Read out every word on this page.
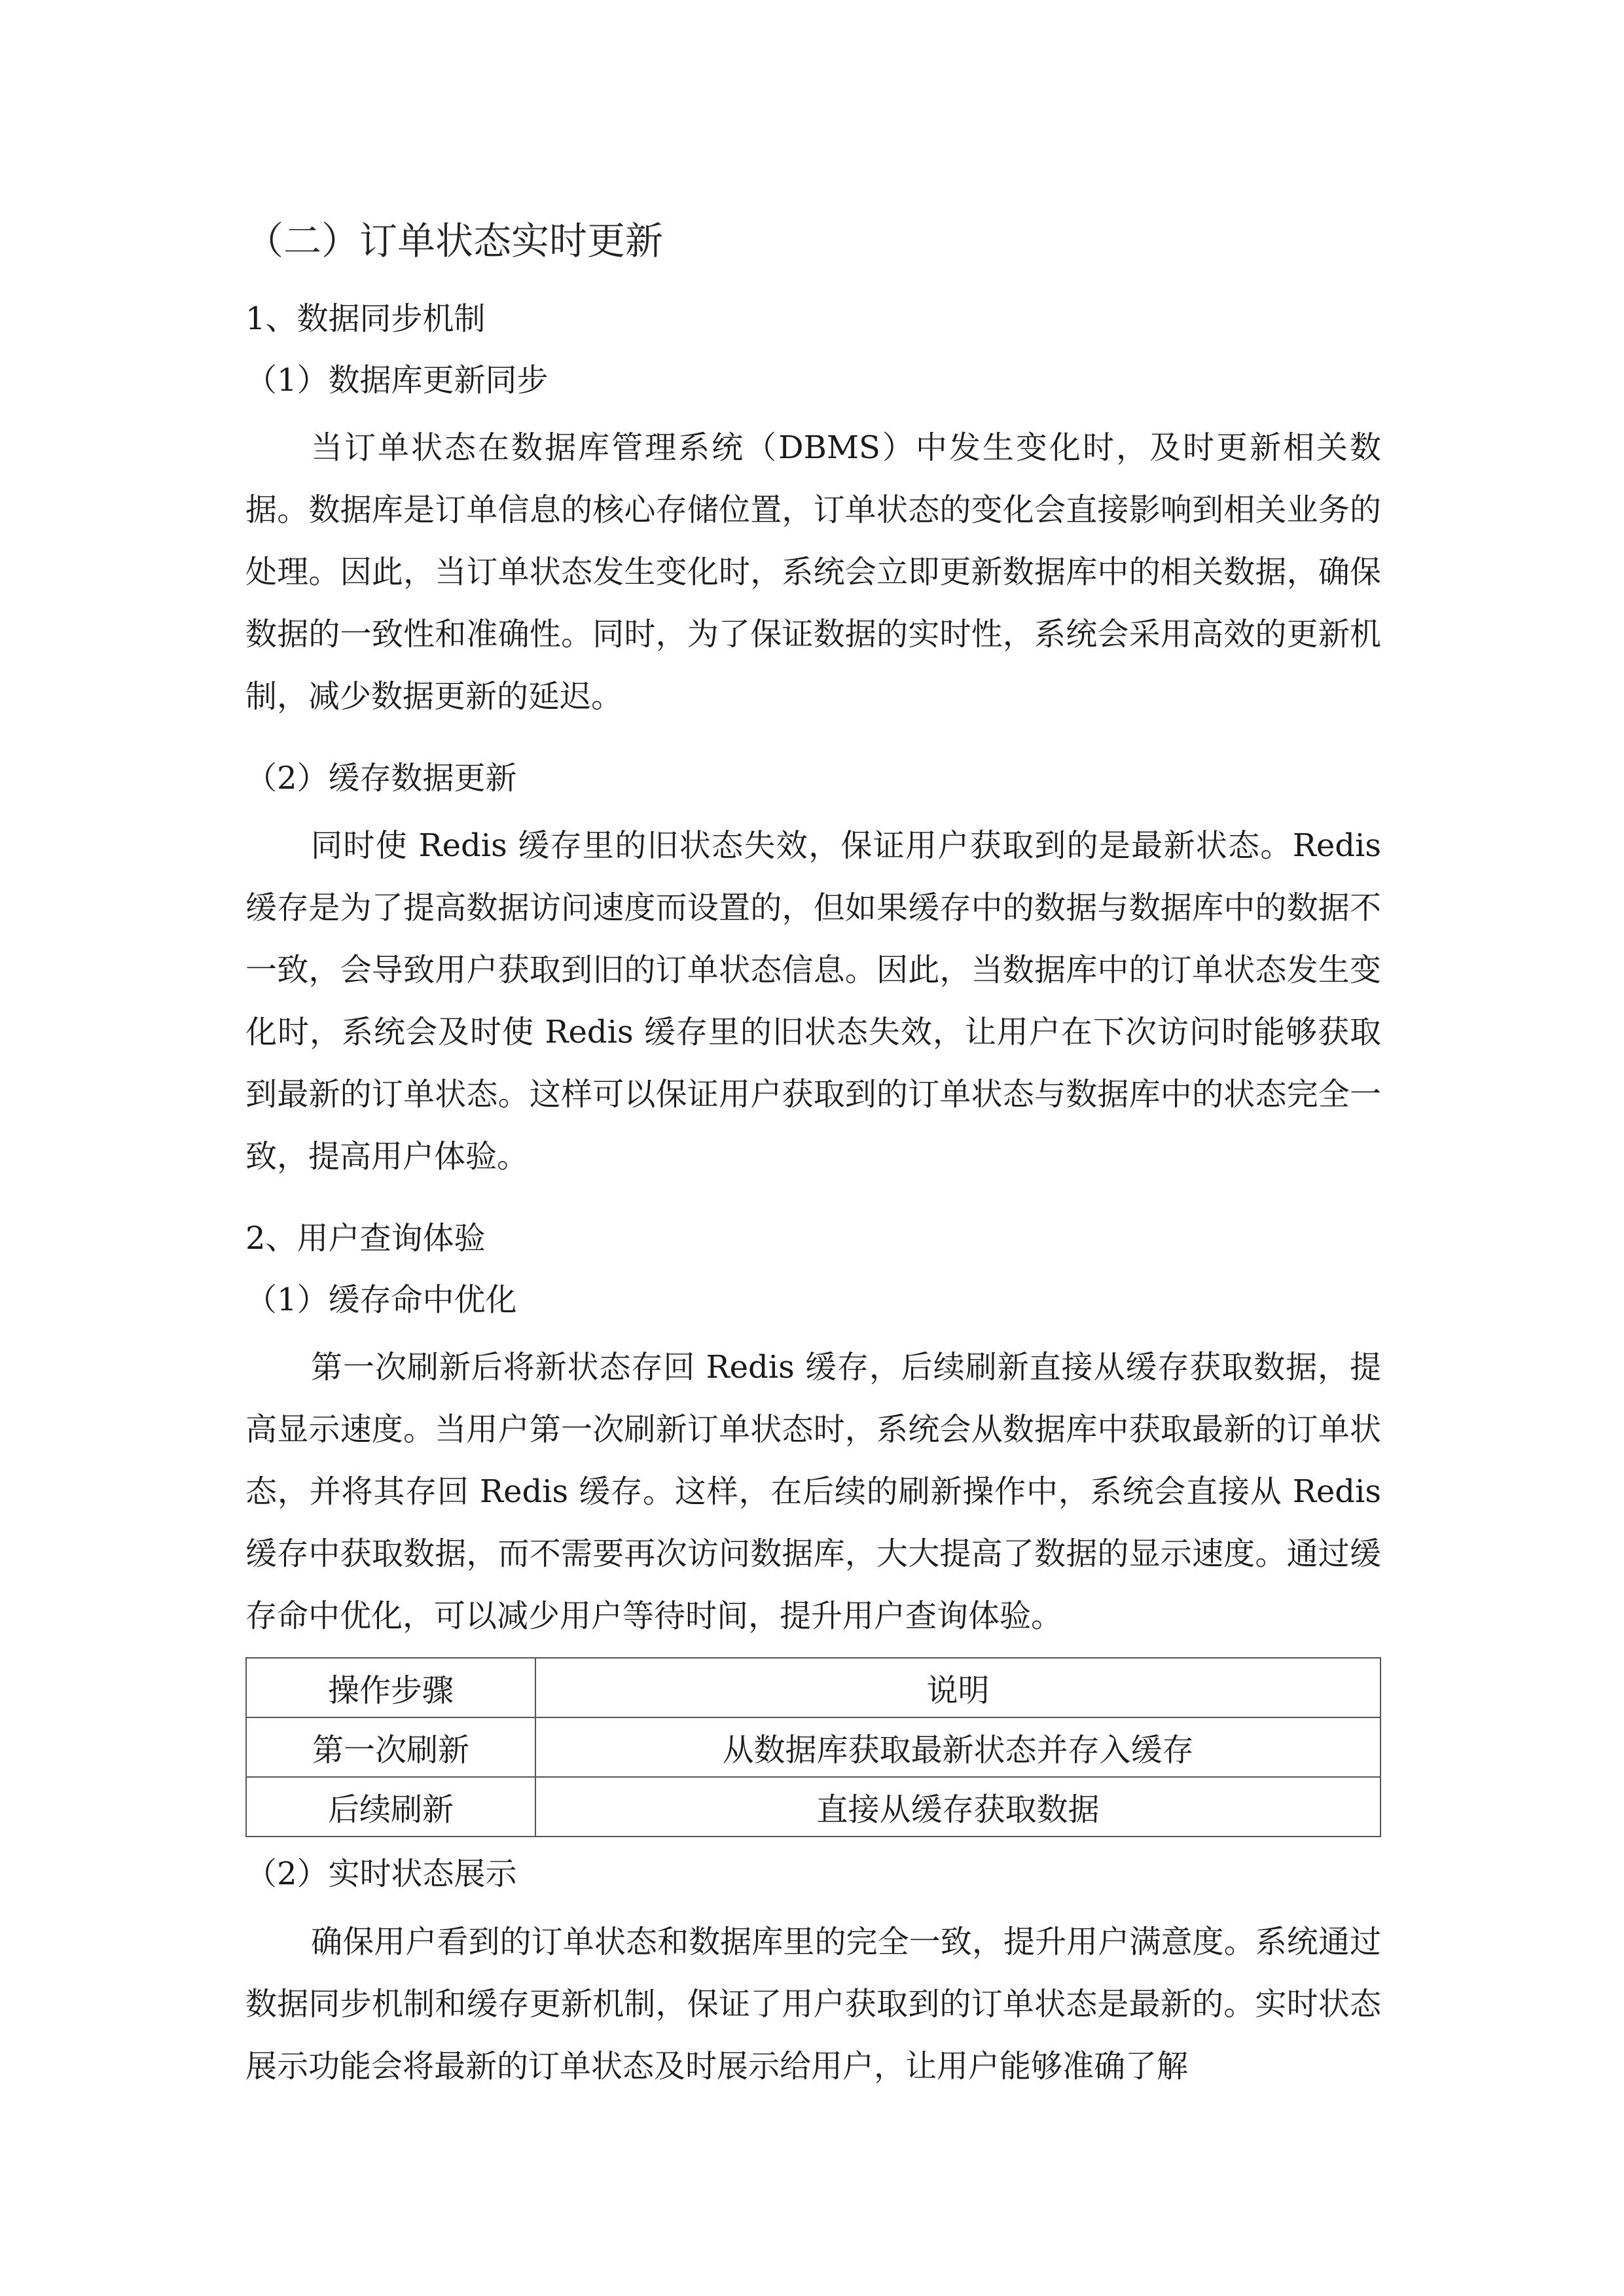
（二）订单状态实时更新
1、数据同步机制
（1）数据库更新同步

当订单状态在数据库管理系统（DBMS）中发生变化时，及时更新相关数据。数据库是订单信息的核心存储位置，订单状态的变化会直接影响到相关业务的处理。因此，当订单状态发生变化时，系统会立即更新数据库中的相关数据，确保数据的一致性和准确性。同时，为了保证数据的实时性，系统会采用高效的更新机制，减少数据更新的延迟。

（2）缓存数据更新

同时使 Redis 缓存里的旧状态失效，保证用户获取到的是最新状态。Redis 缓存是为了提高数据访问速度而设置的，但如果缓存中的数据与数据库中的数据不一致，会导致用户获取到旧的订单状态信息。因此，当数据库中的订单状态发生变化时，系统会及时使 Redis 缓存里的旧状态失效，让用户在下次访问时能够获取到最新的订单状态。这样可以保证用户获取到的订单状态与数据库中的状态完全一致，提高用户体验。

2、用户查询体验
（1）缓存命中优化

第一次刷新后将新状态存回 Redis 缓存，后续刷新直接从缓存获取数据，提高显示速度。当用户第一次刷新订单状态时，系统会从数据库中获取最新的订单状态，并将其存回 Redis 缓存。这样，在后续的刷新操作中，系统会直接从 Redis 缓存中获取数据，而不需要再次访问数据库，大大提高了数据的显示速度。通过缓存命中优化，可以减少用户等待时间，提升用户查询体验。

操作步骤	说明
第一次刷新	从数据库获取最新状态并存入缓存
后续刷新	直接从缓存获取数据
（2）实时状态展示

确保用户看到的订单状态和数据库里的完全一致，提升用户满意度。系统通过数据同步机制和缓存更新机制，保证了用户获取到的订单状态是最新的。实时状态展示功能会将最新的订单状态及时展示给用户，让用户能够准确了解
